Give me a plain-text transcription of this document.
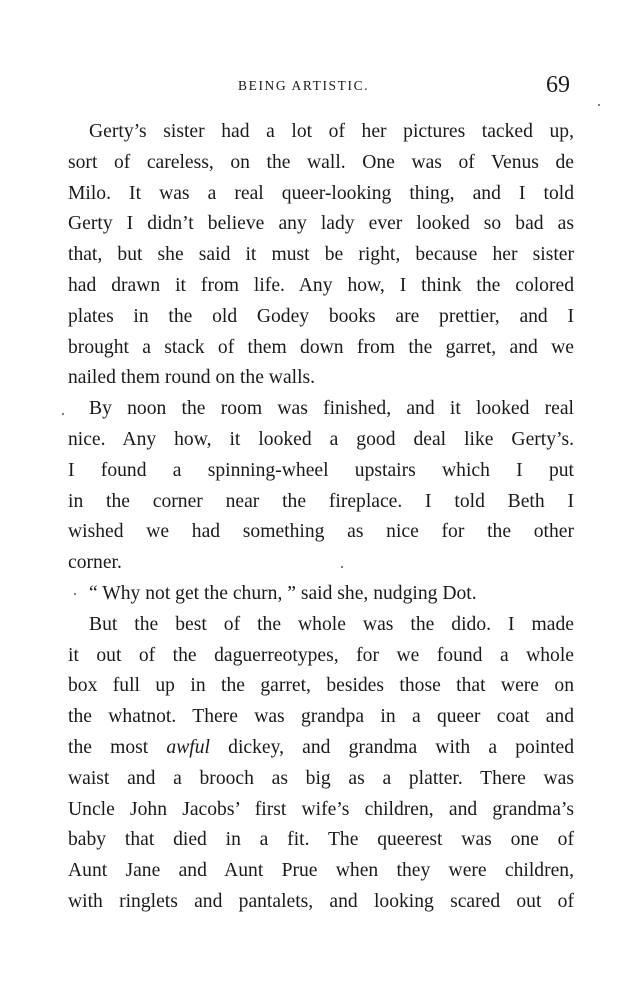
BEING ARTISTIC.	69
Gerty’s sister had a lot of her pictures tacked up,
sort of careless, on the wall. One was of Venus de
Milo. It was a real queer-looking thing, and I told
Gerty I didn’t believe any lady ever looked so bad as
that, but she said it must be right, because her sister
had drawn it from life. Any how, I think the colored
plates in the old Godey books are prettier, and I
brought a stack of them down from the garret, and we
nailed them round on the walls.
By noon the room was finished, and it looked real
nice. Any how, it looked a good deal like Gerty’s.
I found a spinning-wheel upstairs which I put
in the corner near the fireplace. I told Beth I
wished we had something as nice for the other
corner.
“ Why not get the churn, ” said she, nudging Dot.
But the best of the whole was the dido. I made
it out of the daguerreotypes, for we found a whole
box full up in the garret, besides those that were on
the whatnot. There was grandpa in a queer coat and
the most awful dickey, and grandma with a pointed
waist and a brooch as big as a platter. There was
Uncle John Jacobs’ first wife’s children, and grandma’s
baby that died in a fit. The queerest was one of
Aunt Jane and Aunt Prue when they were children,
with ringlets and pantalets, and looking scared out of
